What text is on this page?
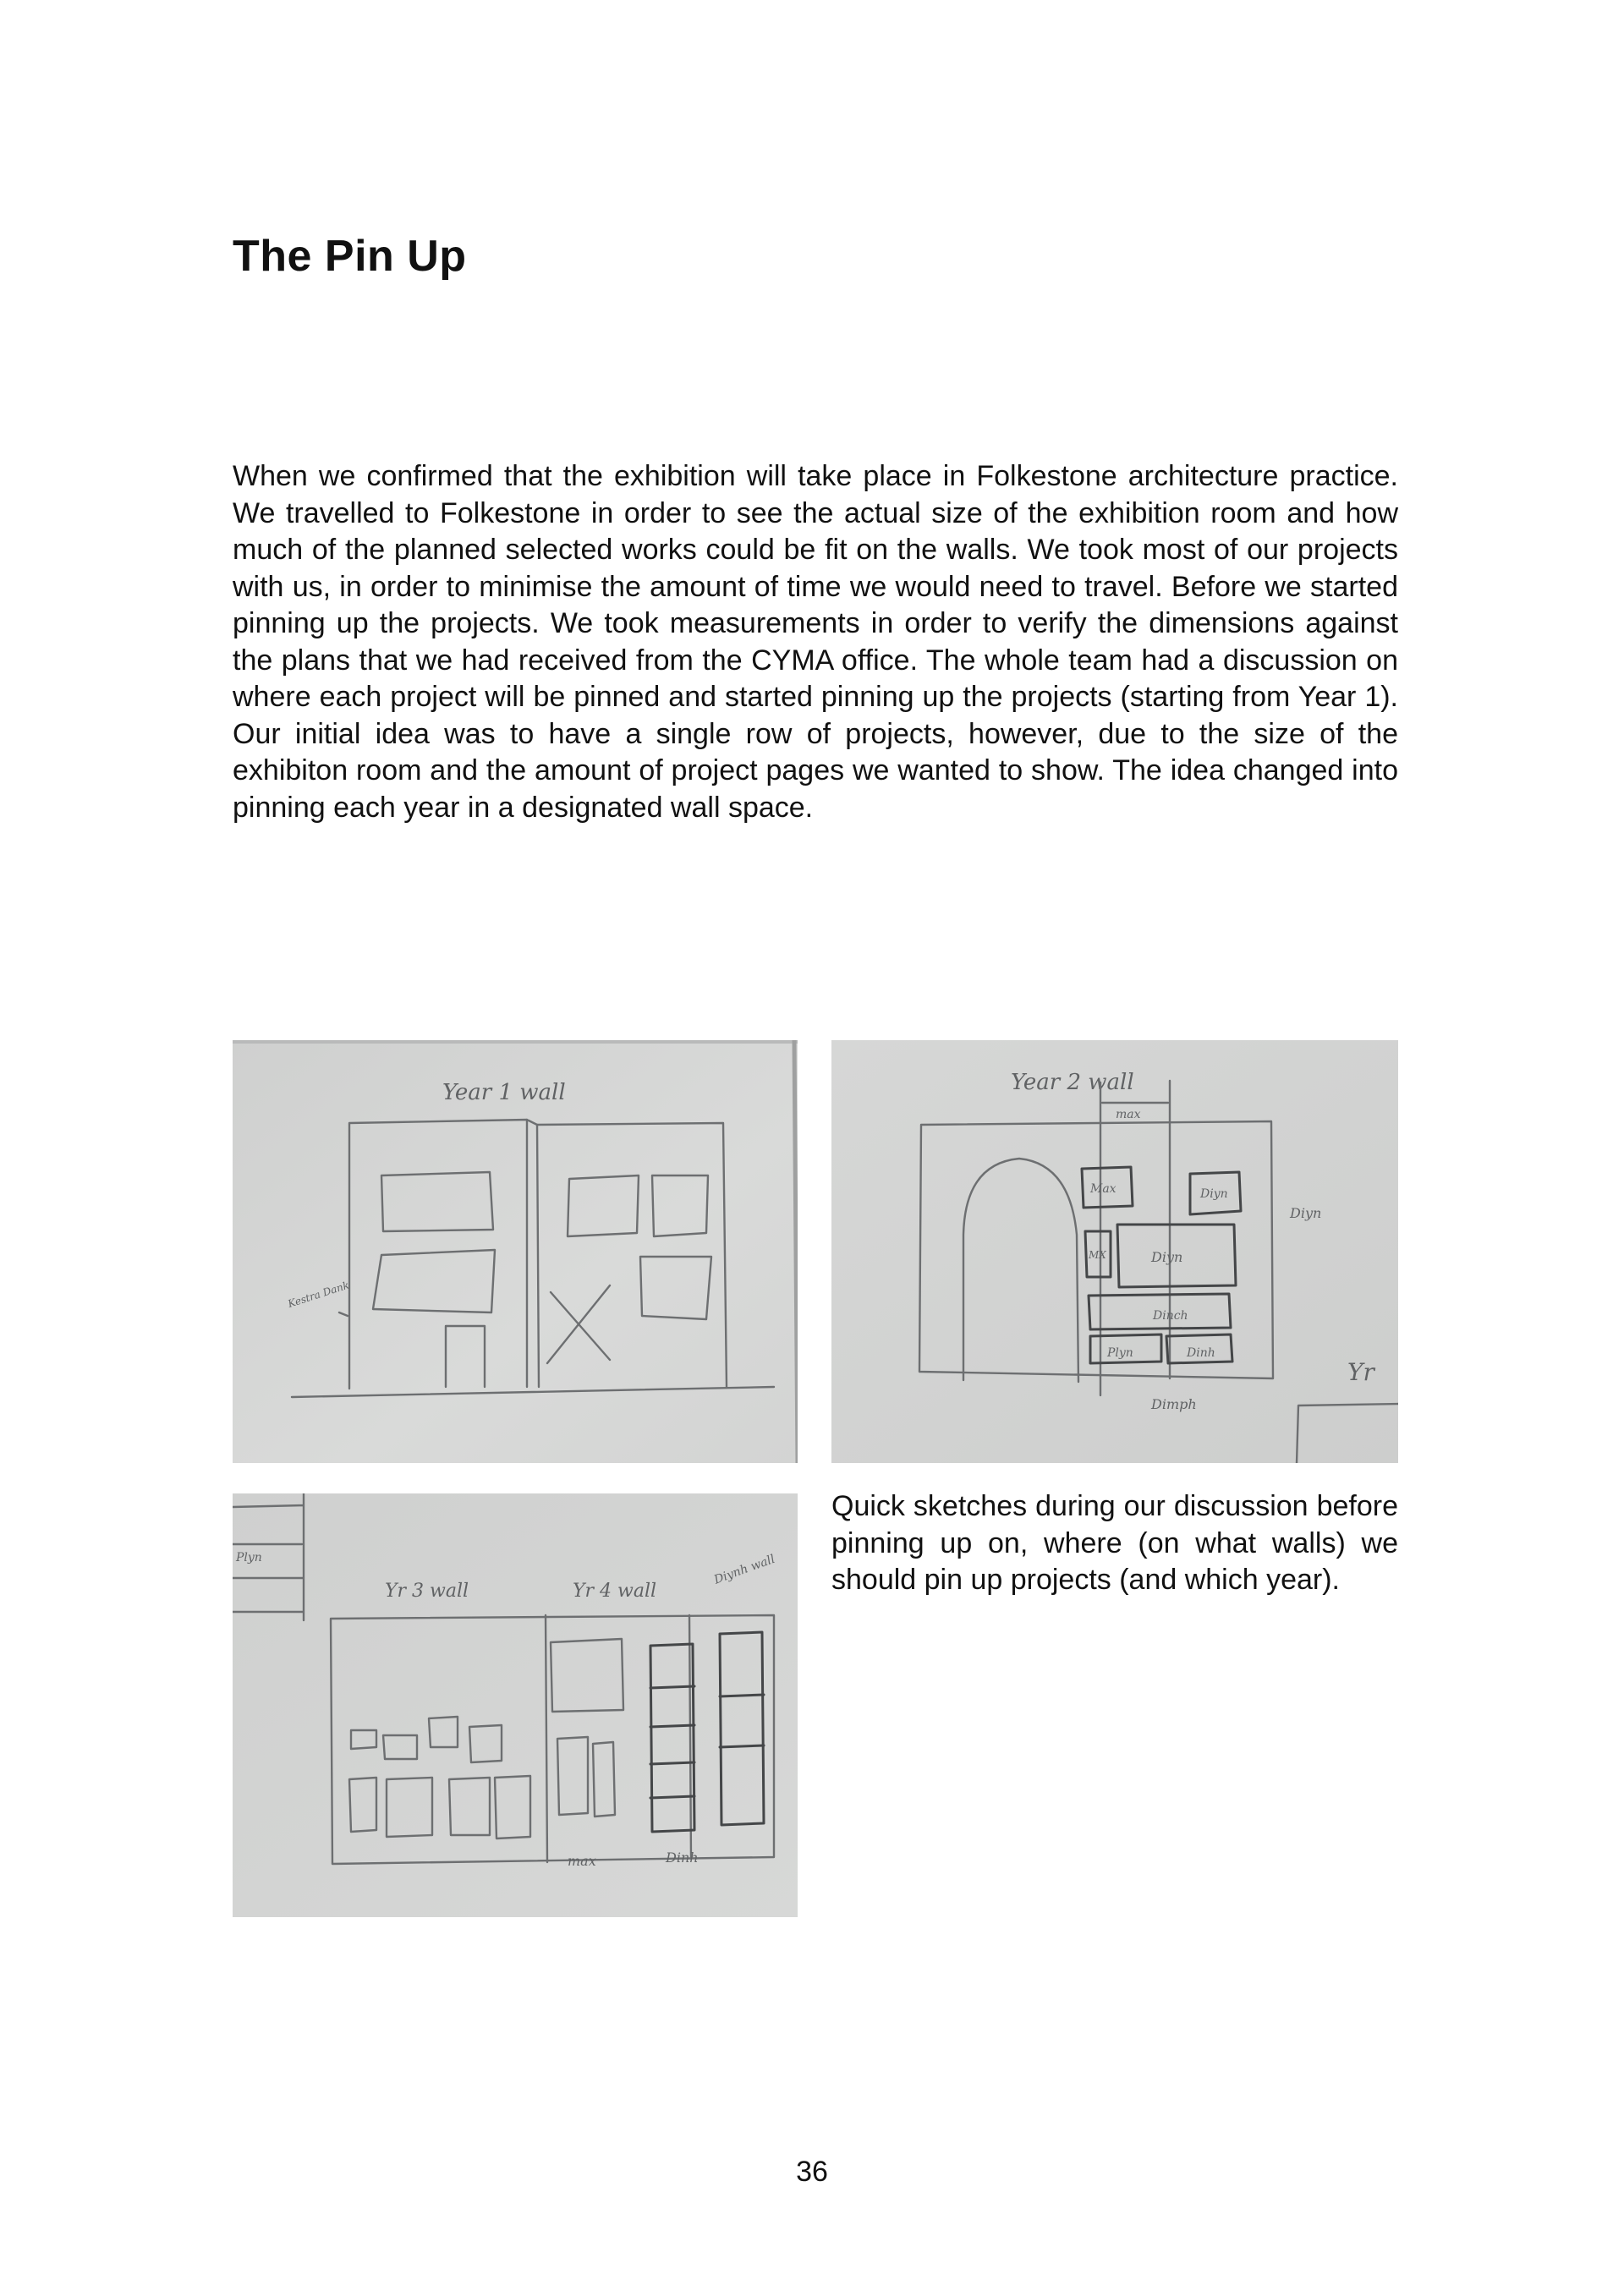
The Pin Up

When we confirmed that the exhibition will take place in Folkestone architecture practice. We travelled to Folkestone in order to see the actual size of the exhibition room and how much of the planned selected works could be fit on the walls. We took most of our projects with us, in order to minimise the amount of time we would need to travel. Before we started pinning up the projects. We took measurements in order to verify the dimensions against the plans that we had received from the CYMA office. The whole team had a discussion on where each project will be pinned and started pinning up the projects (starting from Year 1). Our initial idea was to have a single row of projects, however, due to the size of the exhibiton room and the amount of project pages we wanted to show. The idea changed into pinning each year in a designated wall space.

Year 1 wall
Kestra Dank
Year 2 wall
max
Max	Diyn
Diyn
MX	Diyn
Dinch
Plyn	Dinh
Dimph
Yr
Yr 3 wall	Yr 4 wall
Diynh wall
max	Dinh
Plyn

Quick sketches during our discussion before pinning up on, where (on what walls) we should pin up projects (and which year).

36
